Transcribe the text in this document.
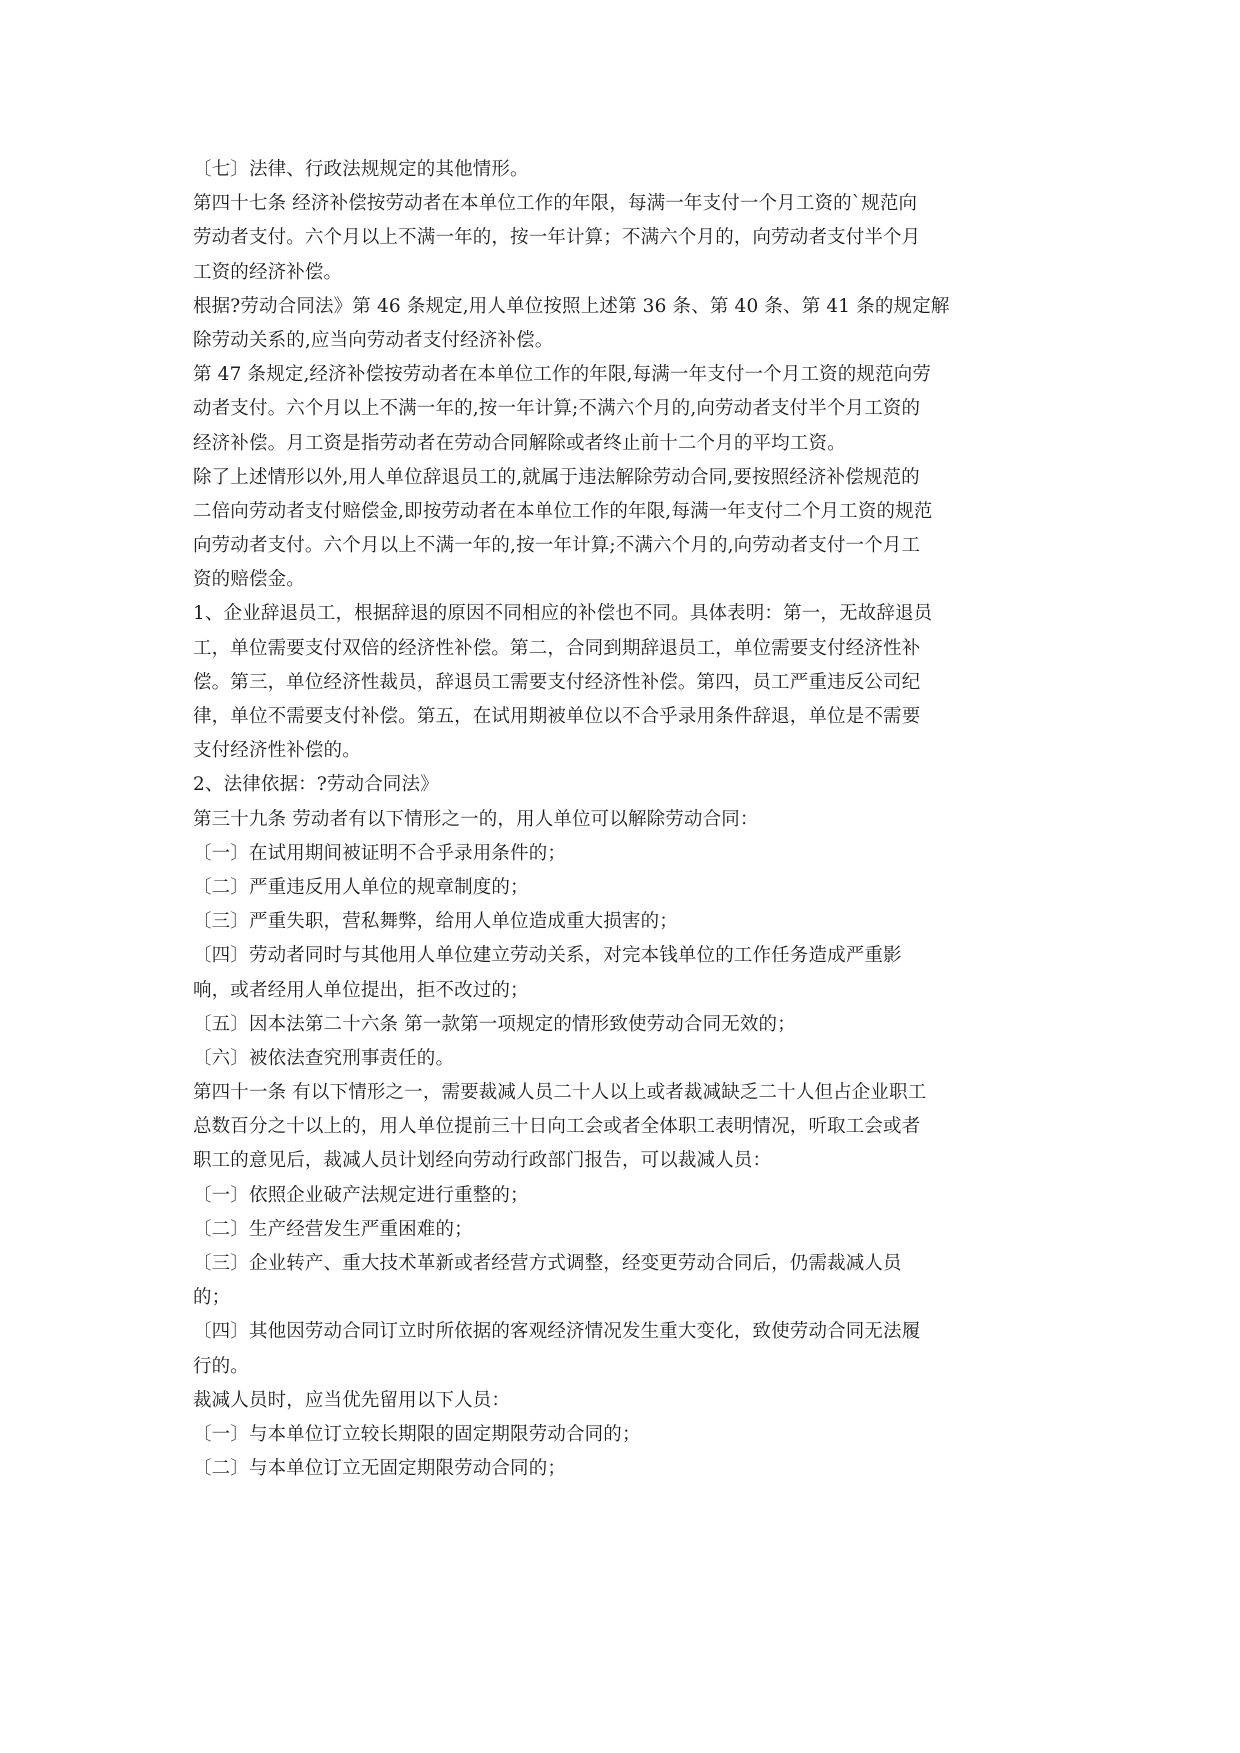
〔七〕法律、行政法规规定的其他情形。
第四十七条 经济补偿按劳动者在本单位工作的年限，每满一年支付一个月工资的`规范向
劳动者支付。六个月以上不满一年的，按一年计算；不满六个月的，向劳动者支付半个月
工资的经济补偿。
根据?劳动合同法》第 46 条规定,用人单位按照上述第 36 条、第 40 条、第 41 条的规定解
除劳动关系的,应当向劳动者支付经济补偿。
第 47 条规定,经济补偿按劳动者在本单位工作的年限,每满一年支付一个月工资的规范向劳
动者支付。六个月以上不满一年的,按一年计算;不满六个月的,向劳动者支付半个月工资的
经济补偿。月工资是指劳动者在劳动合同解除或者终止前十二个月的平均工资。
除了上述情形以外,用人单位辞退员工的,就属于违法解除劳动合同,要按照经济补偿规范的
二倍向劳动者支付赔偿金,即按劳动者在本单位工作的年限,每满一年支付二个月工资的规范
向劳动者支付。六个月以上不满一年的,按一年计算;不满六个月的,向劳动者支付一个月工
资的赔偿金。
1、企业辞退员工，根据辞退的原因不同相应的补偿也不同。具体表明：第一，无故辞退员
工，单位需要支付双倍的经济性补偿。第二，合同到期辞退员工，单位需要支付经济性补
偿。第三，单位经济性裁员，辞退员工需要支付经济性补偿。第四，员工严重违反公司纪
律，单位不需要支付补偿。第五，在试用期被单位以不合乎录用条件辞退，单位是不需要
支付经济性补偿的。
2、法律依据：?劳动合同法》
第三十九条 劳动者有以下情形之一的，用人单位可以解除劳动合同：
〔一〕在试用期间被证明不合乎录用条件的；
〔二〕严重违反用人单位的规章制度的；
〔三〕严重失职，营私舞弊，给用人单位造成重大损害的；
〔四〕劳动者同时与其他用人单位建立劳动关系，对完本钱单位的工作任务造成严重影
响，或者经用人单位提出，拒不改过的；
〔五〕因本法第二十六条 第一款第一项规定的情形致使劳动合同无效的；
〔六〕被依法查究刑事责任的。
第四十一条 有以下情形之一，需要裁减人员二十人以上或者裁减缺乏二十人但占企业职工
总数百分之十以上的，用人单位提前三十日向工会或者全体职工表明情况，听取工会或者
职工的意见后，裁减人员计划经向劳动行政部门报告，可以裁减人员：
〔一〕依照企业破产法规定进行重整的；
〔二〕生产经营发生严重困难的；
〔三〕企业转产、重大技术革新或者经营方式调整，经变更劳动合同后，仍需裁减人员
的；
〔四〕其他因劳动合同订立时所依据的客观经济情况发生重大变化，致使劳动合同无法履
行的。
裁减人员时，应当优先留用以下人员：
〔一〕与本单位订立较长期限的固定期限劳动合同的；
〔二〕与本单位订立无固定期限劳动合同的；
